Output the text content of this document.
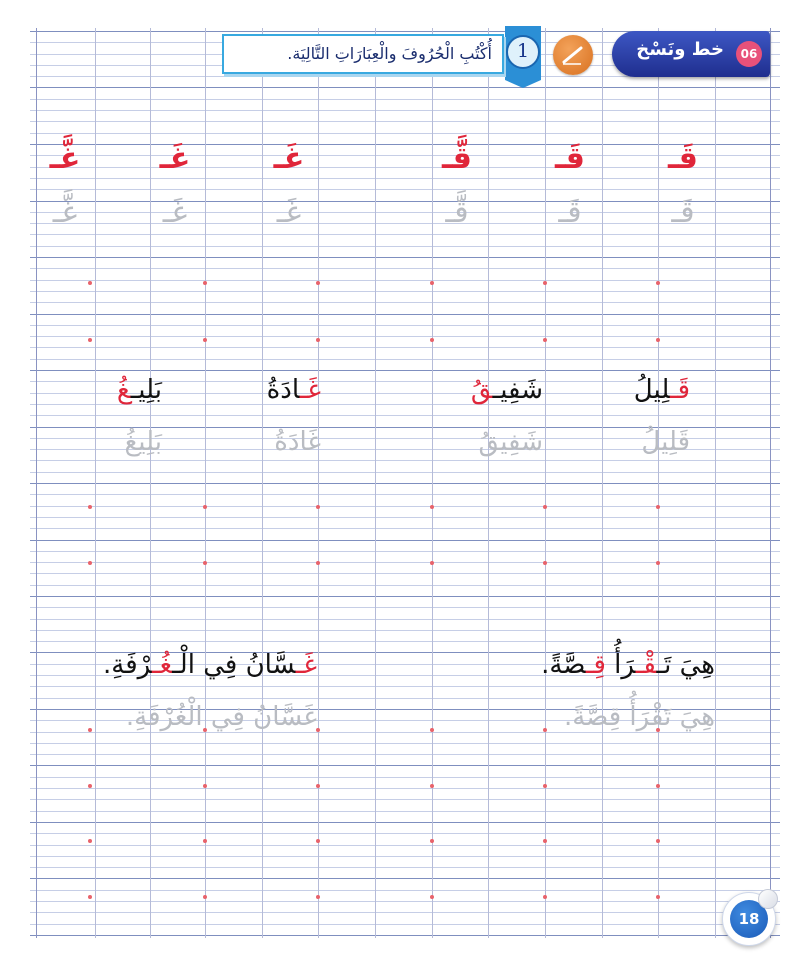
خط ونَسْخ	06
1
أُكْتُبِ الْحُرُوفَ والْعِبَارَاتِ التَّالِيَة.
قَـ
قَـ
قَـ
قَـ
قَّـ
قَّـ
غَـ
غَـ
غَـ
غَـ
غَّـ
غَّـ
قَـلِيلُ
قَلِيلُ
شَفِيـقُ
شَفِيقُ
غَـادَةُ
غَادَةُ
بَلِيـغُ
بَلِيغُ
هِيَ تَـقْـرَأُ قِـصَّةً.
هِيَ تَقْرَأُ قِصَّةً.
غَـسَّانُ فِي الْـغُـرْفَةِ.
غَسَّانُ فِي الْغُرْفَةِ.
18
